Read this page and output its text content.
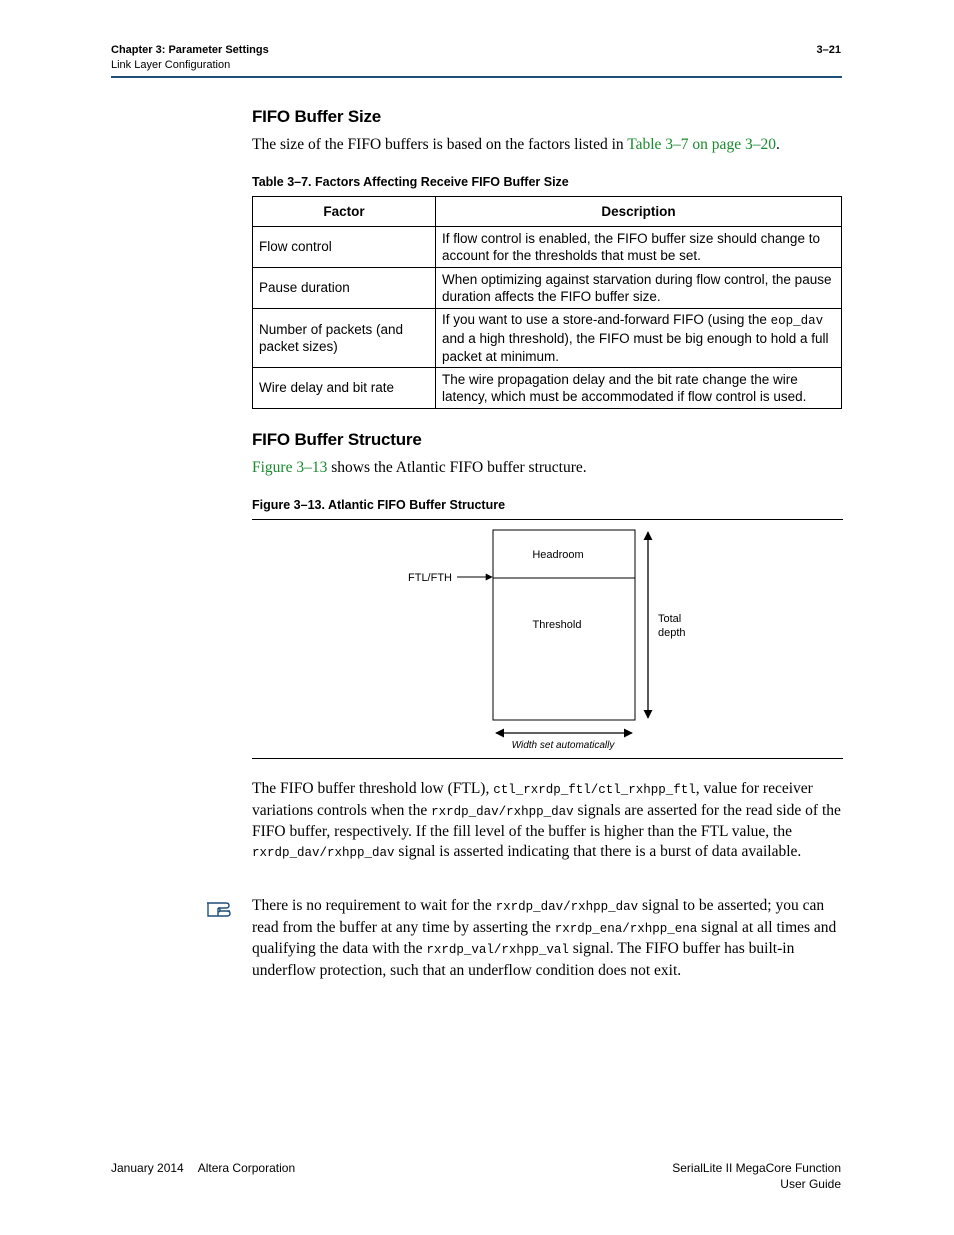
Chapter 3: Parameter Settings
Link Layer Configuration
3–21
FIFO Buffer Size
The size of the FIFO buffers is based on the factors listed in Table 3–7 on page 3–20.
Table 3–7. Factors Affecting Receive FIFO Buffer Size
Factor	Description
Flow control	If flow control is enabled, the FIFO buffer size should change to account for the thresholds that must be set.
Pause duration	When optimizing against starvation during flow control, the pause duration affects the FIFO buffer size.
Number of packets (and packet sizes)	If you want to use a store-and-forward FIFO (using the eop_dav and a high threshold), the FIFO must be big enough to hold a full packet at minimum.
Wire delay and bit rate	The wire propagation delay and the bit rate change the wire latency, which must be accommodated if flow control is used.
FIFO Buffer Structure
Figure 3–13 shows the Atlantic FIFO buffer structure.
Figure 3–13. Atlantic FIFO Buffer Structure
Headroom
Threshold
FTL/FTH
Total
depth
Width set automatically
The FIFO buffer threshold low (FTL), ctl_rxrdp_ftl/ctl_rxhpp_ftl, value for receiver variations controls when the rxrdp_dav/rxhpp_dav signals are asserted for the read side of the FIFO buffer, respectively. If the fill level of the buffer is higher than the FTL value, the rxrdp_dav/rxhpp_dav signal is asserted indicating that there is a burst of data available.
There is no requirement to wait for the rxrdp_dav/rxhpp_dav signal to be asserted; you can read from the buffer at any time by asserting the rxrdp_ena/rxhpp_ena signal at all times and qualifying the data with the rxrdp_val/rxhpp_val signal. The FIFO buffer has built-in underflow protection, such that an underflow condition does not exit.
January 2014 Altera Corporation	SerialLite II MegaCore Function
User Guide
